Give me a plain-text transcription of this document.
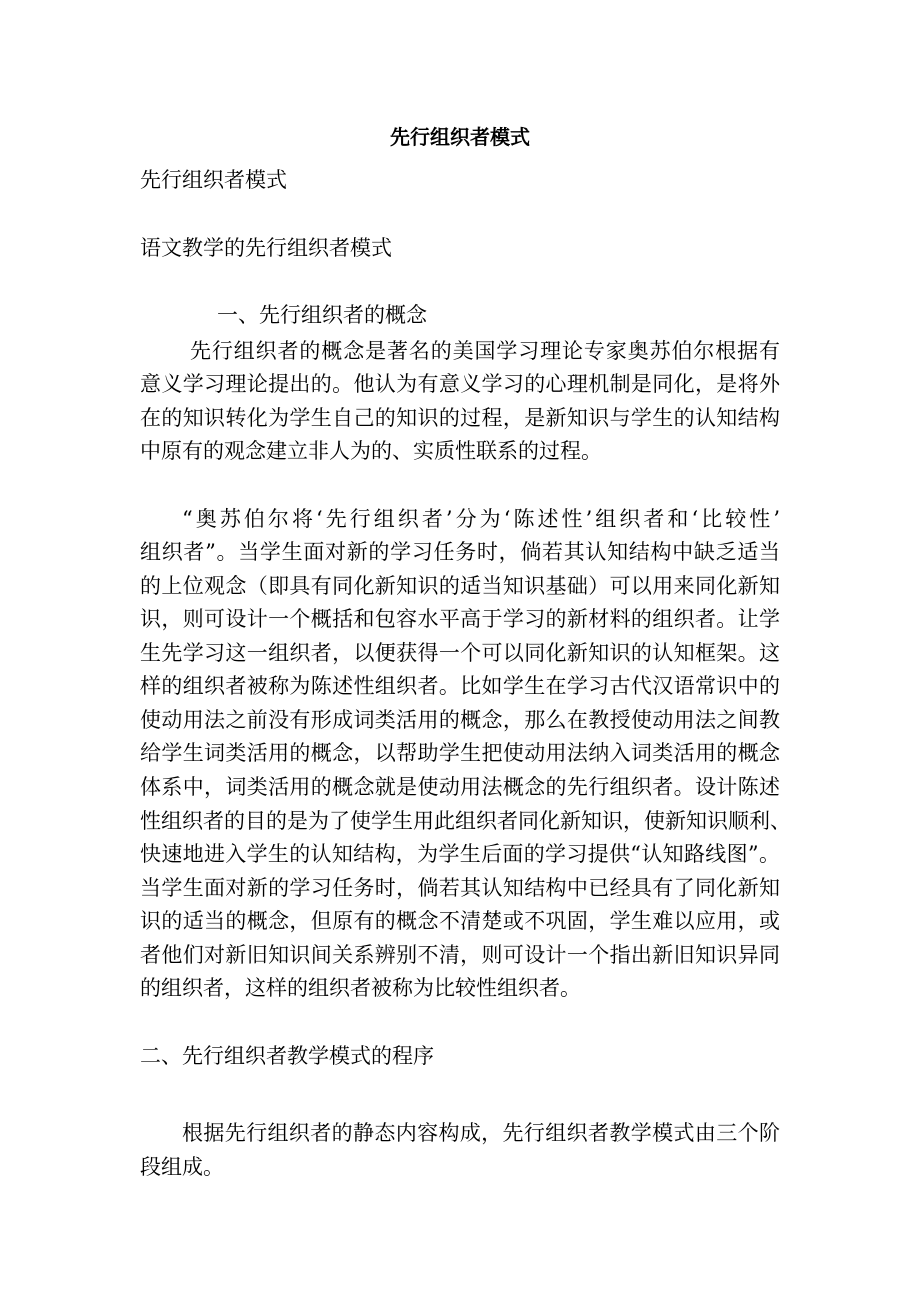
先行组织者模式
先行组织者模式
语文教学的先行组织者模式
一、先行组织者的概念
先行组织者的概念是著名的美国学习理论专家奥苏伯尔根据有
意义学习理论提出的。他认为有意义学习的心理机制是同化，是将外
在的知识转化为学生自己的知识的过程，是新知识与学生的认知结构
中原有的观念建立非人为的、实质性联系的过程。
“奥苏伯尔将‘先行组织者’分为‘陈述性’组织者和‘比较性’
组织者”。当学生面对新的学习任务时，倘若其认知结构中缺乏适当
的上位观念（即具有同化新知识的适当知识基础）可以用来同化新知
识，则可设计一个概括和包容水平高于学习的新材料的组织者。让学
生先学习这一组织者，以便获得一个可以同化新知识的认知框架。这
样的组织者被称为陈述性组织者。比如学生在学习古代汉语常识中的
使动用法之前没有形成词类活用的概念，那么在教授使动用法之间教
给学生词类活用的概念，以帮助学生把使动用法纳入词类活用的概念
体系中，词类活用的概念就是使动用法概念的先行组织者。设计陈述
性组织者的目的是为了使学生用此组织者同化新知识，使新知识顺利、
快速地进入学生的认知结构，为学生后面的学习提供“认知路线图”。
当学生面对新的学习任务时，倘若其认知结构中已经具有了同化新知
识的适当的概念，但原有的概念不清楚或不巩固，学生难以应用，或
者他们对新旧知识间关系辨别不清，则可设计一个指出新旧知识异同
的组织者，这样的组织者被称为比较性组织者。
二、先行组织者教学模式的程序
根据先行组织者的静态内容构成，先行组织者教学模式由三个阶
段组成。
